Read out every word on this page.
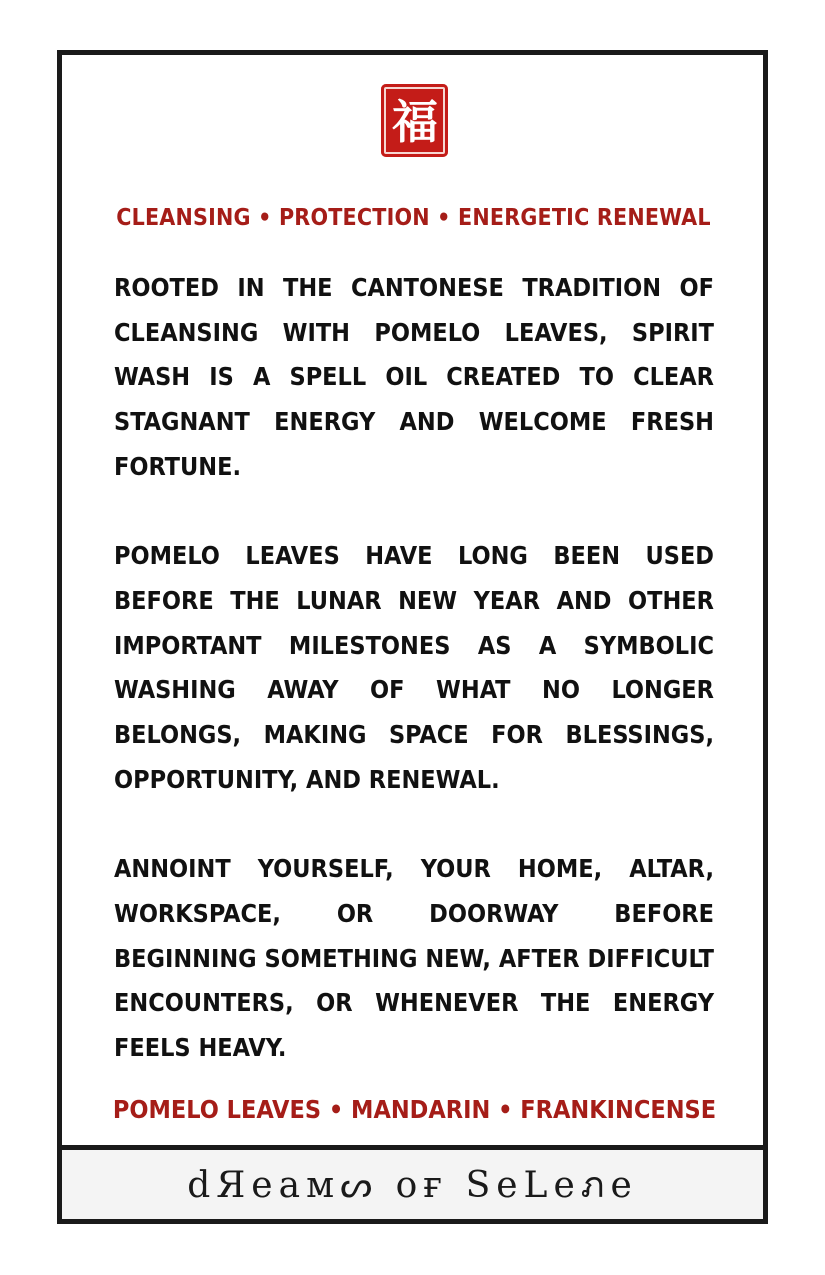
福
CLEANSING • PROTECTION • ENERGETIC RENEWAL

ROOTED IN THE CANTONESE TRADITION OF CLEANSING WITH POMELO LEAVES, SPIRIT WASH IS A SPELL OIL CREATED TO CLEAR STAGNANT ENERGY AND WELCOME FRESH FORTUNE.

POMELO LEAVES HAVE LONG BEEN USED BEFORE THE LUNAR NEW YEAR AND OTHER IMPORTANT MILESTONES AS A SYMBOLIC WASHING AWAY OF WHAT NO LONGER BELONGS, MAKING SPACE FOR BLESSINGS, OPPORTUNITY, AND RENEWAL.

ANNOINT YOURSELF, YOUR HOME, ALTAR, WORKSPACE, OR DOORWAY BEFORE BEGINNING SOMETHING NEW, AFTER DIFFICULT ENCOUNTERS, OR WHENEVER THE ENERGY FEELS HEAVY.

POMELO LEAVES • MANDARIN • FRANKINCENSE
dЯeaмᔕ oғ SeLeภe
